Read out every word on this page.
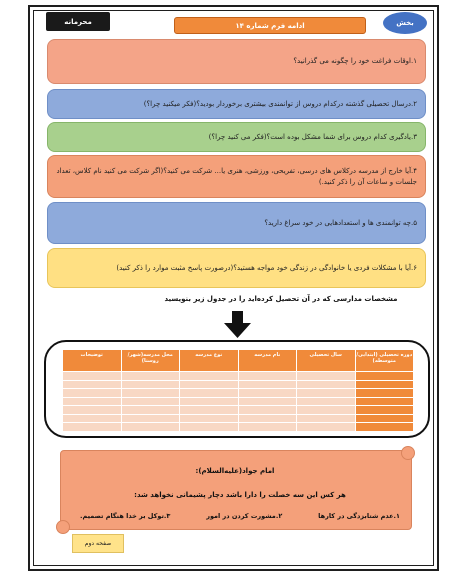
محرمانه	ادامه فرم شماره ۱۴	بخش
۱.اوقات فراغت خود را چگونه می گذرانید؟
۲.درسال تحصیلی گذشته درکدام دروس از توانمندی بیشتری برخوردار بودید؟(فکر میکنید چرا؟)
۳.یادگیری کدام دروس برای شما مشکل بوده است؟(فکر می کنید چرا؟)
۴.آیا خارج از مدرسه درکلاس های درسی، تفریحی، ورزشی، هنری یا... شرکت می کنید؟(اگر شرکت می کنید نام کلاس، تعداد جلسات و ساعات آن را ذکر کنید.)
۵.چه توانمندی ها و استعدادهایی در خود سراغ دارید؟
۶.آیا با مشکلات فردی یا خانوادگی در زندگی خود مواجه هستید؟(درصورت پاسخ مثبت موارد را ذکر کنید)
مشخصات مدارسی که در آن تحصیل کرده‌اید را در جدول زیر بنویسید
دوره تحصیلی (ابتدایی/متوسطه)	سال تحصیلی	نام مدرسه	نوع مدرسه	محل مدرسه(شهر/روستا)	توضیحات

امام جواد(علیه‌السلام):
هر کس این سه خصلت را دارا باشد دچار پشیمانی نخواهد شد:
۱.عدم شتابزدگی در کارها
۲.مشورت کردن در امور
۳.توکل بر خدا هنگام تصمیم.
صفحه دوم
